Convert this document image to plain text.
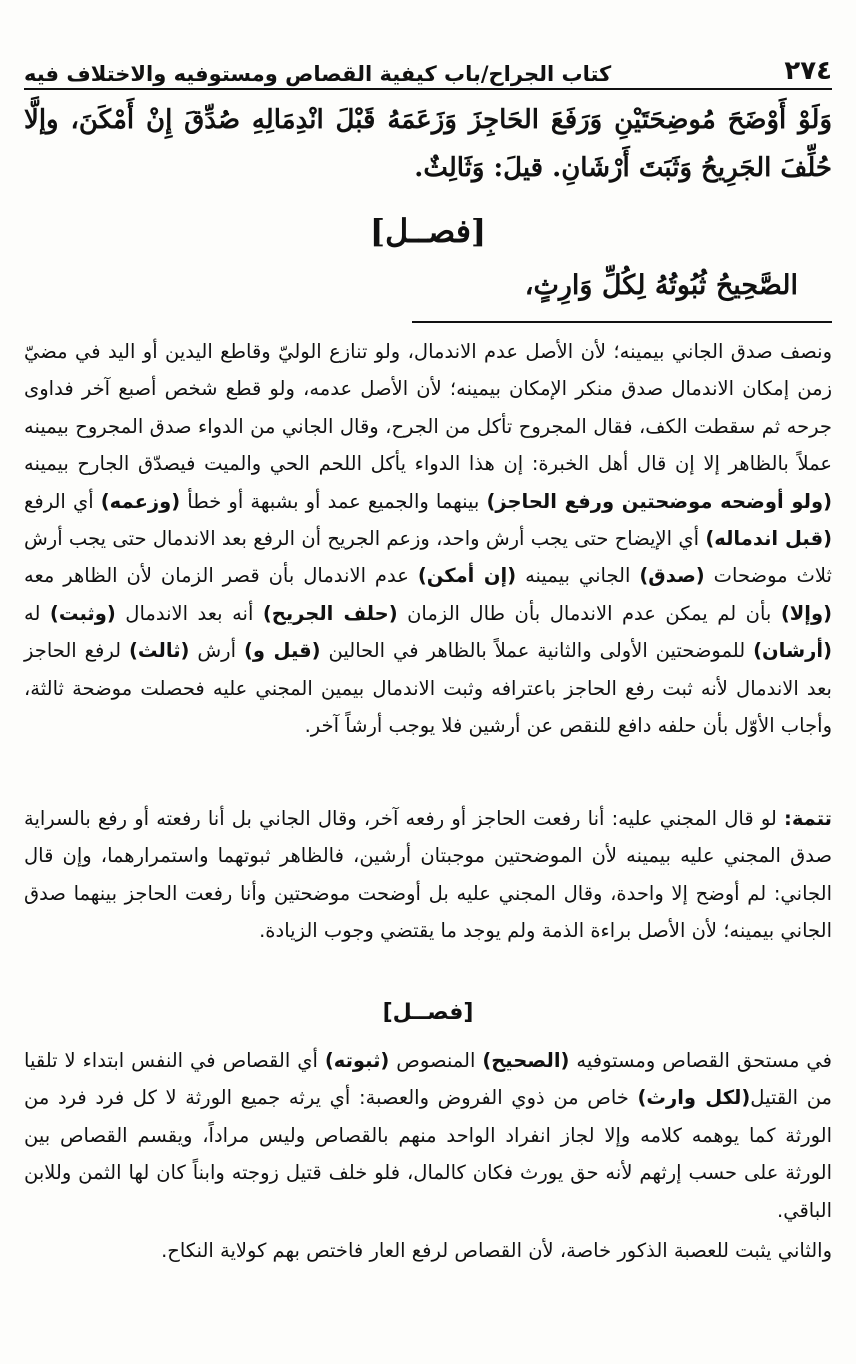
٢٧٤
كتاب الجراح/باب كيفية القصاص ومستوفيه والاختلاف فيه
وَلَوْ أَوْضَحَ مُوضِحَتَيْنِ وَرَفَعَ الحَاجِزَ وَزَعَمَهُ قَبْلَ انْدِمَالِهِ صُدِّقَ إِنْ أَمْكَنَ، وإلَّا حُلِّفَ الجَرِيحُ وَثَبَتَ أَرْشَانِ. قيلَ: وَثَالِثٌ.
[فصــل]
الصَّحِيحُ ثُبُوتُهُ لِكُلِّ وَارِثٍ،
ونصف صدق الجاني بيمينه؛ لأن الأصل عدم الاندمال، ولو تنازع الوليّ وقاطع اليدين أو اليد في مضيّ زمن إمكان الاندمال صدق منكر الإمكان بيمينه؛ لأن الأصل عدمه، ولو قطع شخص أصبع آخر فداوى جرحه ثم سقطت الكف، فقال المجروح تأكل من الجرح، وقال الجاني من الدواء صدق المجروح بيمينه عملاً بالظاهر إلا إن قال أهل الخبرة: إن هذا الدواء يأكل اللحم الحي والميت فيصدّق الجارح بيمينه (ولو أوضحه موضحتين ورفع الحاجز) بينهما والجميع عمد أو بشبهة أو خطأ (وزعمه) أي الرفع (قبل اندماله) أي الإيضاح حتى يجب أرش واحد، وزعم الجريح أن الرفع بعد الاندمال حتى يجب أرش ثلاث موضحات (صدق) الجاني بيمينه (إن أمكن) عدم الاندمال بأن قصر الزمان لأن الظاهر معه (وإلا) بأن لم يمكن عدم الاندمال بأن طال الزمان (حلف الجريح) أنه بعد الاندمال (وثبت) له (أرشان) للموضحتين الأولى والثانية عملاً بالظاهر في الحالين (قيل و) أرش (ثالث) لرفع الحاجز بعد الاندمال لأنه ثبت رفع الحاجز باعترافه وثبت الاندمال بيمين المجني عليه فحصلت موضحة ثالثة، وأجاب الأوّل بأن حلفه دافع للنقص عن أرشين فلا يوجب أرشاً آخر.
تتمة: لو قال المجني عليه: أنا رفعت الحاجز أو رفعه آخر، وقال الجاني بل أنا رفعته أو رفع بالسراية صدق المجني عليه بيمينه لأن الموضحتين موجبتان أرشين، فالظاهر ثبوتهما واستمرارهما، وإن قال الجاني: لم أوضح إلا واحدة، وقال المجني عليه بل أوضحت موضحتين وأنا رفعت الحاجز بينهما صدق الجاني بيمينه؛ لأن الأصل براءة الذمة ولم يوجد ما يقتضي وجوب الزيادة.
[فصــل]
في مستحق القصاص ومستوفيه (الصحيح) المنصوص (ثبوته) أي القصاص في النفس ابتداء لا تلقيا من القتيل(لكل وارث) خاص من ذوي الفروض والعصبة: أي يرثه جميع الورثة لا كل فرد فرد من الورثة كما يوهمه كلامه وإلا لجاز انفراد الواحد منهم بالقصاص وليس مراداً، ويقسم القصاص بين الورثة على حسب إرثهم لأنه حق يورث فكان كالمال، فلو خلف قتيل زوجته وابناً كان لها الثمن وللابن الباقي.
والثاني يثبت للعصبة الذكور خاصة، لأن القصاص لرفع العار فاختص بهم كولاية النكاح.
